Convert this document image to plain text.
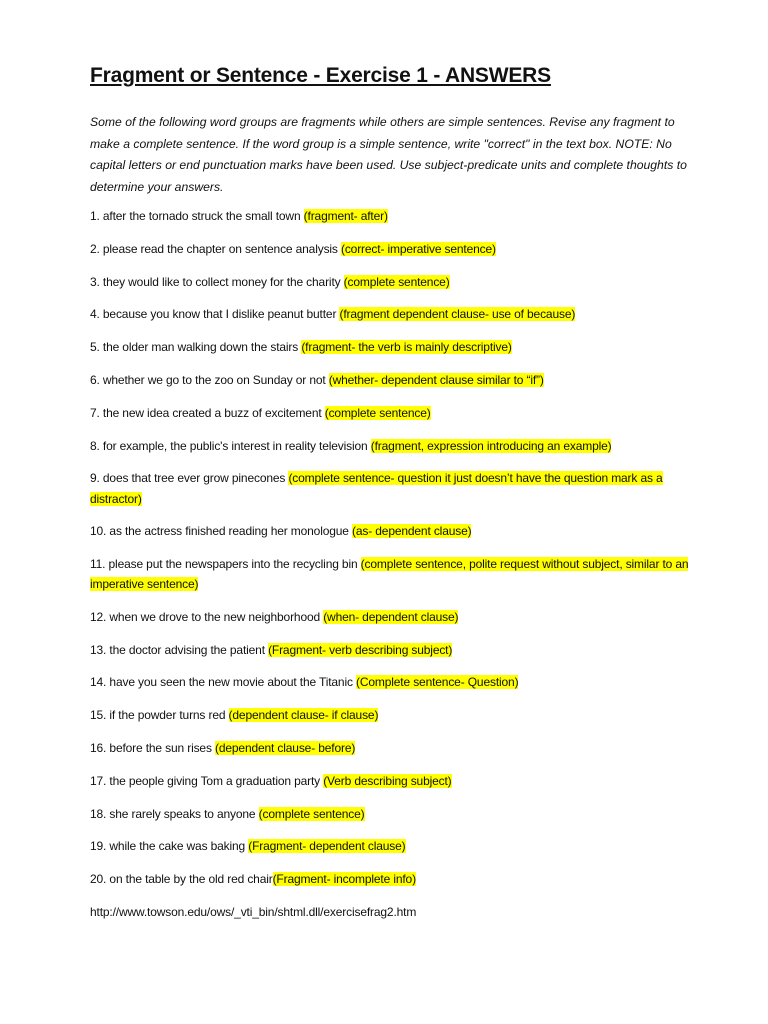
Fragment or Sentence - Exercise 1 - ANSWERS

Some of the following word groups are fragments while others are simple sentences. Revise any fragment to make a complete sentence. If the word group is a simple sentence, write "correct" in the text box. NOTE: No capital letters or end punctuation marks have been used. Use subject-predicate units and complete thoughts to determine your answers.

1. after the tornado struck the small town (fragment- after)
2. please read the chapter on sentence analysis (correct- imperative sentence)
3. they would like to collect money for the charity (complete sentence)
4. because you know that I dislike peanut butter (fragment dependent clause- use of because)
5. the older man walking down the stairs (fragment- the verb is mainly descriptive)
6. whether we go to the zoo on Sunday or not (whether- dependent clause similar to “if”)
7. the new idea created a buzz of excitement (complete sentence)
8. for example, the public's interest in reality television (fragment, expression introducing an example)
9. does that tree ever grow pinecones (complete sentence- question it just doesn’t have the question mark as a distractor)
10. as the actress finished reading her monologue (as- dependent clause)
11. please put the newspapers into the recycling bin (complete sentence, polite request without subject, similar to an imperative sentence)
12. when we drove to the new neighborhood (when- dependent clause)
13. the doctor advising the patient (Fragment- verb describing subject)
14. have you seen the new movie about the Titanic (Complete sentence- Question)
15. if the powder turns red (dependent clause- if clause)
16. before the sun rises (dependent clause- before)
17. the people giving Tom a graduation party (Verb describing subject)
18. she rarely speaks to anyone (complete sentence)
19. while the cake was baking (Fragment- dependent clause)
20. on the table by the old red chair(Fragment- incomplete info)
http://www.towson.edu/ows/_vti_bin/shtml.dll/exercisefrag2.htm
